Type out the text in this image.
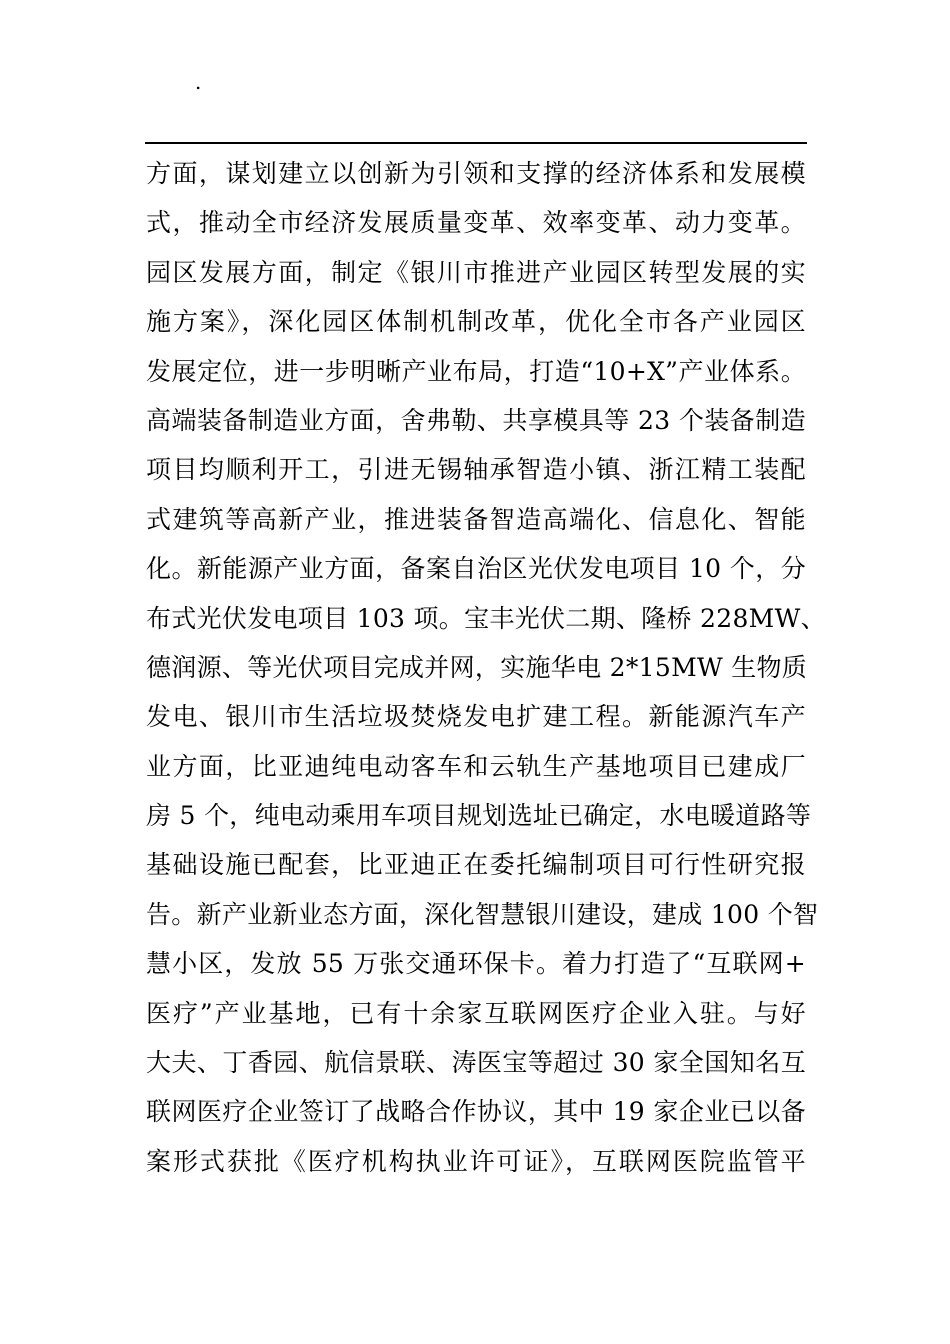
.
方面，谋划建立以创新为引领和支撑的经济体系和发展模
式，推动全市经济发展质量变革、效率变革、动力变革。
园区发展方面，制定《银川市推进产业园区转型发展的实
施方案》，深化园区体制机制改革，优化全市各产业园区
发展定位，进一步明晰产业布局，打造“10+X”产业体系。
高端装备制造业方面，舍弗勒、共享模具等 23 个装备制造
项目均顺利开工，引进无锡轴承智造小镇、浙江精工装配
式建筑等高新产业，推进装备智造高端化、信息化、智能
化。新能源产业方面，备案自治区光伏发电项目 10 个，分
布式光伏发电项目 103 项。宝丰光伏二期、隆桥 228MW、
德润源、等光伏项目完成并网，实施华电 2*15MW 生物质
发电、银川市生活垃圾焚烧发电扩建工程。新能源汽车产
业方面，比亚迪纯电动客车和云轨生产基地项目已建成厂
房 5 个，纯电动乘用车项目规划选址已确定，水电暖道路等
基础设施已配套，比亚迪正在委托编制项目可行性研究报
告。新产业新业态方面，深化智慧银川建设，建成 100 个智
慧小区，发放 55 万张交通环保卡。着力打造了“互联网+
医疗”产业基地，已有十余家互联网医疗企业入驻。与好
大夫、丁香园、航信景联、涛医宝等超过 30 家全国知名互
联网医疗企业签订了战略合作协议，其中 19 家企业已以备
案形式获批《医疗机构执业许可证》，互联网医院监管平
